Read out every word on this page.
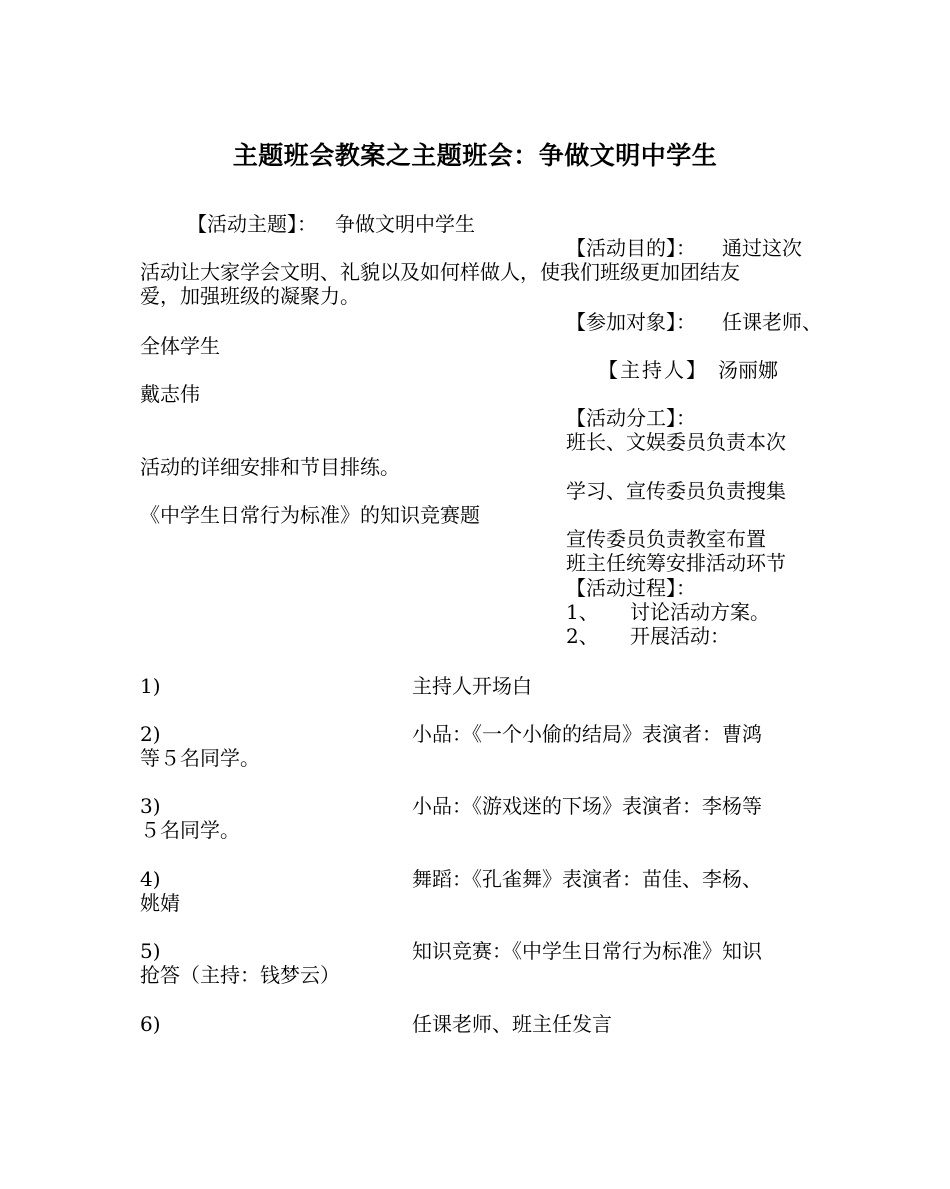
主题班会教案之主题班会：争做文明中学生
【活动主题】： 争做文明中学生
【活动目的】： 通过这次
活动让大家学会文明、礼貌以及如何样做人，使我们班级更加团结友
爱，加强班级的凝聚力。
【参加对象】： 任课老师、
全体学生
【主持人】 汤丽娜
戴志伟
【活动分工】：
班长、文娱委员负责本次
活动的详细安排和节目排练。
学习、宣传委员负责搜集
《中学生日常行为标准》的知识竞赛题
宣传委员负责教室布置
班主任统筹安排活动环节
【活动过程】：
1、 讨论活动方案。
2、 开展活动：
1)	主持人开场白
2)	小品：《一个小偷的结局》表演者：曹鸿
等５名同学。
3)	小品：《游戏迷的下场》表演者：李杨等
５名同学。
4)	舞蹈：《孔雀舞》表演者：苗佳、李杨、
姚婧
5)	知识竞赛：《中学生日常行为标准》知识
抢答（主持：钱梦云）
6)	任课老师、班主任发言
